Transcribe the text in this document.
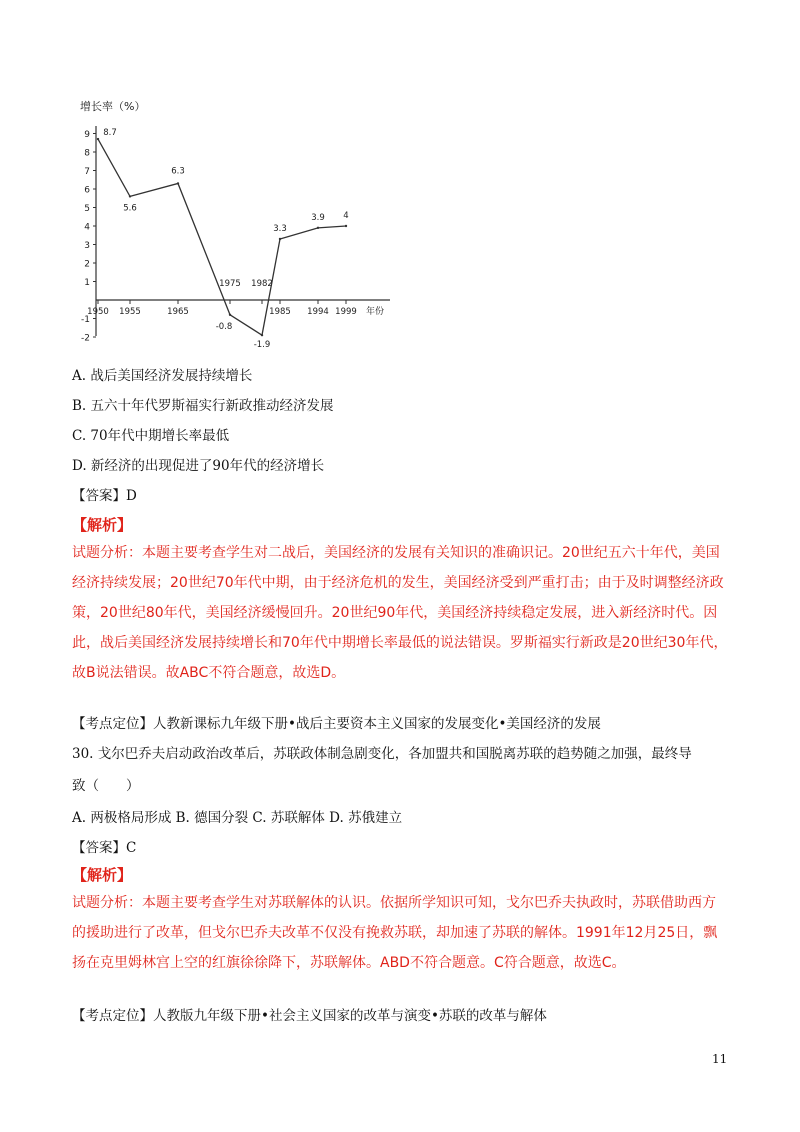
增长率（%）
9
8
7
6
5
4
3
2
1
-1
-2
1950 1955	1965
1975 1982
1985 1994 1999 年份
8.7
5.6
6.3
-0.8
-1.9
3.3
3.9 4
A. 战后美国经济发展持续增长
B. 五六十年代罗斯福实行新政推动经济发展
C. 70年代中期增长率最低
D. 新经济的出现促进了90年代的经济增长
【答案】D
【解析】
试题分析：本题主要考查学生对二战后，美国经济的发展有关知识的准确识记。20世纪五六十年代，美国
经济持续发展；20世纪70年代中期，由于经济危机的发生，美国经济受到严重打击；由于及时调整经济政
策，20世纪80年代，美国经济缓慢回升。20世纪90年代，美国经济持续稳定发展，进入新经济时代。因
此，战后美国经济发展持续增长和70年代中期增长率最低的说法错误。罗斯福实行新政是20世纪30年代，
故B说法错误。故ABC不符合题意，故选D。
【考点定位】人教新课标九年级下册•战后主要资本主义国家的发展变化•美国经济的发展
30. 戈尔巴乔夫启动政治改革后，苏联政体制急剧变化，各加盟共和国脱离苏联的趋势随之加强，最终导
致（　　）
A. 两极格局形成 B. 德国分裂 C. 苏联解体 D. 苏俄建立
【答案】C
【解析】
试题分析：本题主要考查学生对苏联解体的认识。依据所学知识可知，戈尔巴乔夫执政时，苏联借助西方
的援助进行了改革，但戈尔巴乔夫改革不仅没有挽救苏联，却加速了苏联的解体。1991年12月25日，飘
扬在克里姆林宫上空的红旗徐徐降下，苏联解体。ABD不符合题意。C符合题意，故选C。
【考点定位】人教版九年级下册•社会主义国家的改革与演变•苏联的改革与解体
11
